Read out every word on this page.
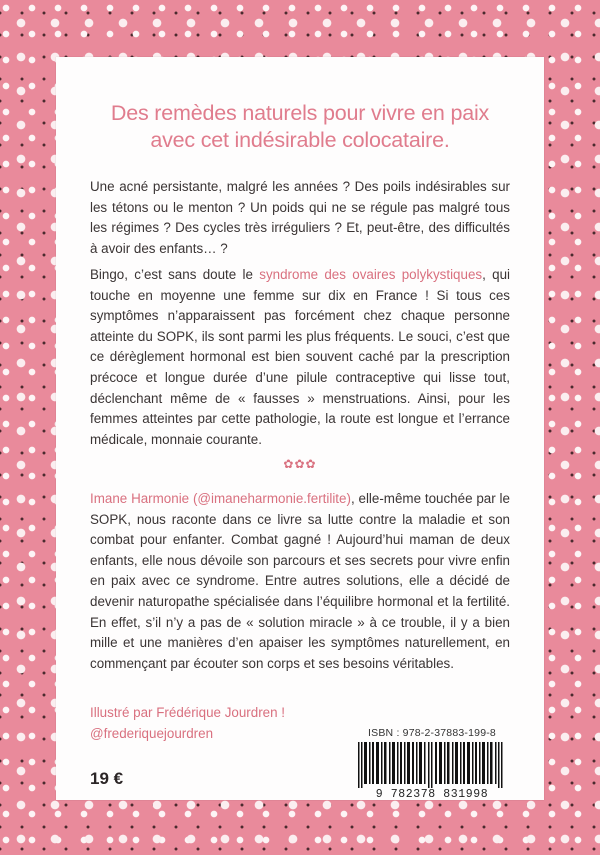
Des remèdes naturels pour vivre en paix
avec cet indésirable colocataire.
Une acné persistante, malgré les années ? Des poils indésirables sur les tétons ou le menton ? Un poids qui ne se régule pas malgré tous les régimes ? Des cycles très irréguliers ? Et, peut-être, des difficultés à avoir des enfants… ?
Bingo, c’est sans doute le syndrome des ovaires polykystiques, qui touche en moyenne une femme sur dix en France ! Si tous ces symptômes n’apparaissent pas forcément chez chaque personne atteinte du SOPK, ils sont parmi les plus fréquents. Le souci, c’est que ce dérèglement hormonal est bien souvent caché par la prescription précoce et longue durée d’une pilule contraceptive qui lisse tout, déclenchant même de « fausses » menstruations. Ainsi, pour les femmes atteintes par cette pathologie, la route est longue et l’errance médicale, monnaie courante.
✿✿✿
Imane Harmonie (@imaneharmonie.fertilite), elle-même touchée par le SOPK, nous raconte dans ce livre sa lutte contre la maladie et son combat pour enfanter. Combat gagné ! Aujourd’hui maman de deux enfants, elle nous dévoile son parcours et ses secrets pour vivre enfin en paix avec ce syndrome. Entre autres solutions, elle a décidé de devenir naturopathe spécialisée dans l’équilibre hormonal et la fertilité. En effet, s’il n’y a pas de « solution miracle » à ce trouble, il y a bien mille et une manières d’en apaiser les symptômes naturellement, en commençant par écouter son corps et ses besoins véritables.
Illustré par Frédérique Jourdren !
@frederiquejourdren	ISBN : 978-2-37883-199-8
9 782378 831998
19 €
